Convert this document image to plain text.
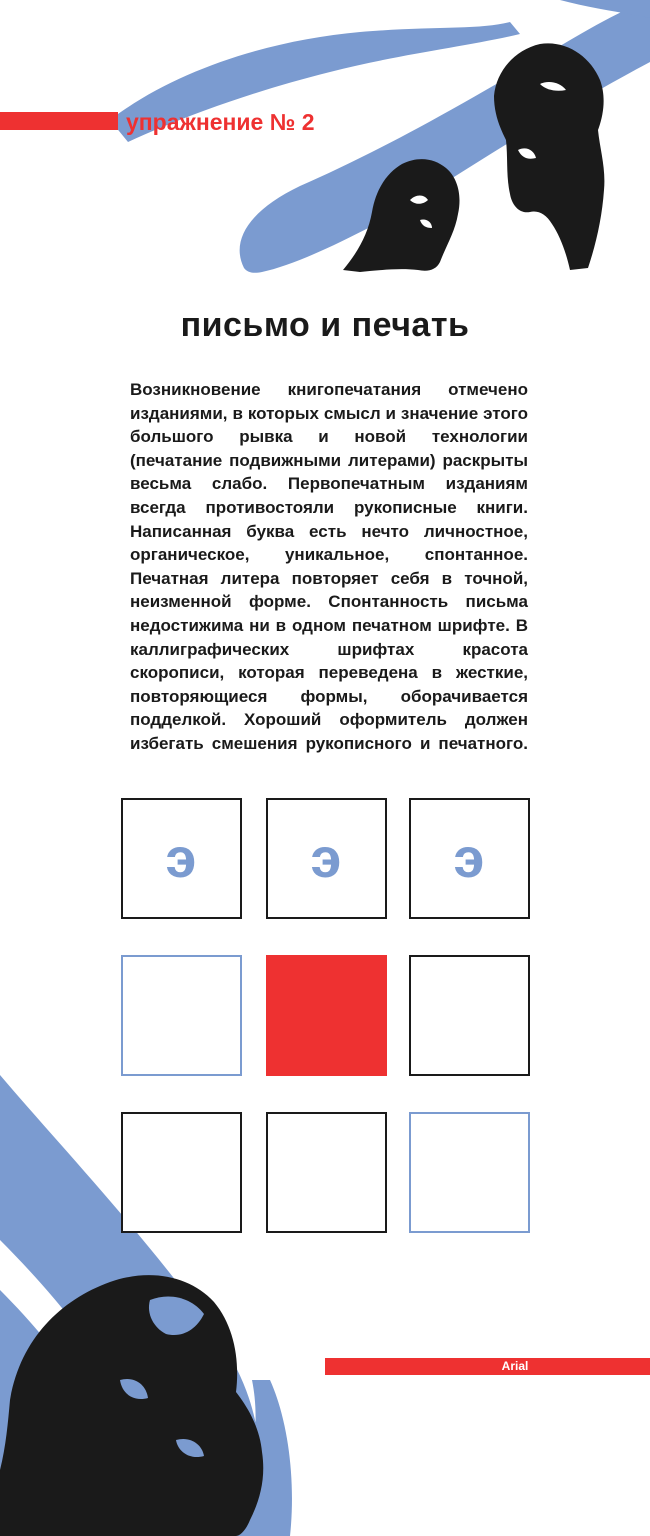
упражнение № 2
письмо и печать

Возникновение книгопечатания отмечено изданиями, в которых смысл и значение этого большого рывка и новой технологии (печатание подвижными литерами) раскрыты весьма слабо. Первопечатным изданиям всегда противостояли рукописные книги. Написанная буква есть нечто личностное, органическое, уникальное, спонтанное. Печатная литера повторяет себя в точной, неизменной форме. Спонтанность письма недостижима ни в одном печатном шрифте. В каллиграфических шрифтах красота скорописи, которая переведена в жесткие, повторяющиеся формы, оборачивается подделкой. Хороший оформитель должен избегать смешения рукописного и печатного.

э	э	э
Arial
